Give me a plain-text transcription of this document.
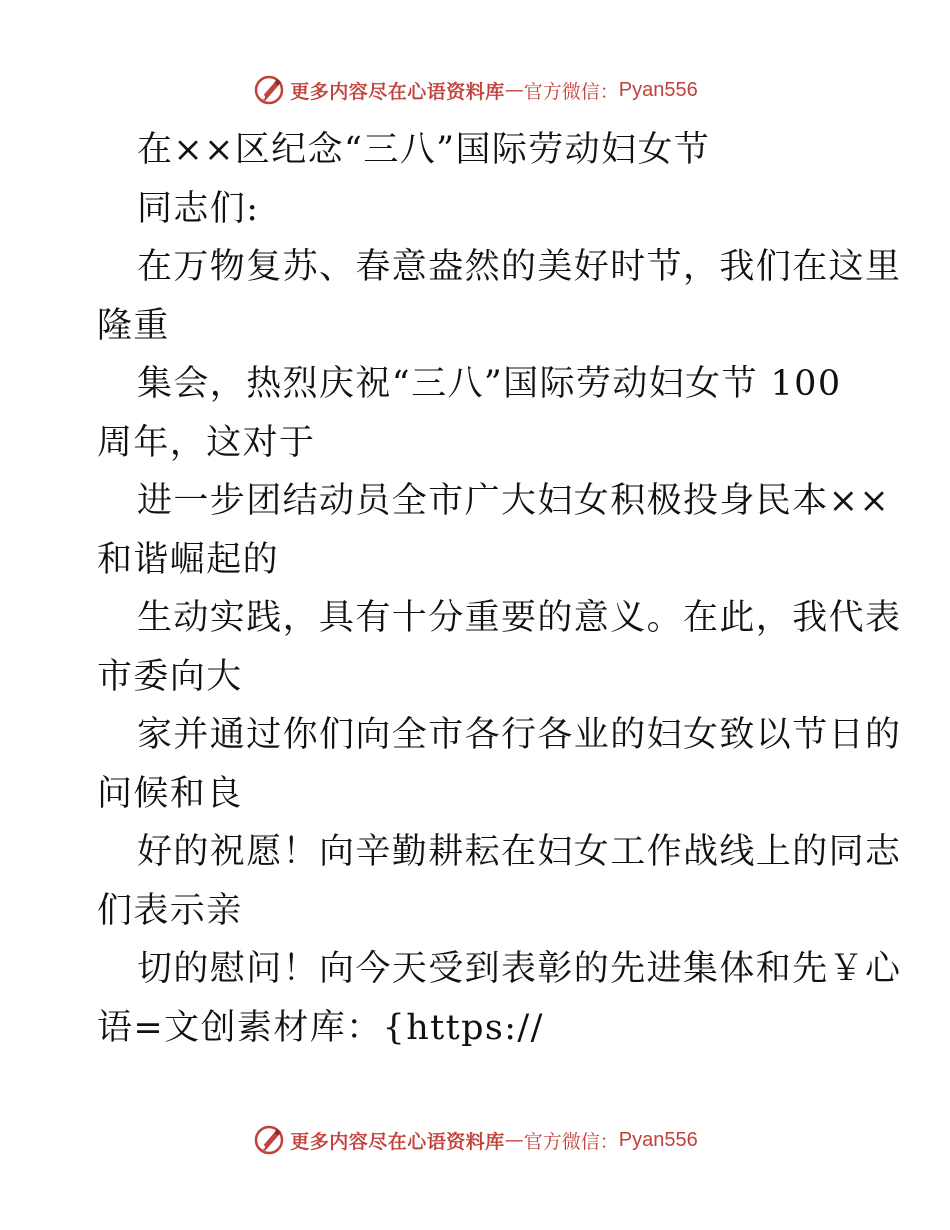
更多内容尽在心语资料库 — 官方微信： Pyan556
在××区纪念“三八”国际劳动妇女节
同志们:
在万物复苏、春意盎然的美好时节，我们在这里
隆重
集会，热烈庆祝“三八”国际劳动妇女节 100
周年，这对于
进一步团结动员全市广大妇女积极投身民本××
和谐崛起的
生动实践，具有十分重要的意义。在此，我代表
市委向大
家并通过你们向全市各行各业的妇女致以节日的
问候和良
好的祝愿！向辛勤耕耘在妇女工作战线上的同志
们表示亲
切的慰问！向今天受到表彰的先进集体和先￥心
语=文创素材库：{https://
更多内容尽在心语资料库 — 官方微信： Pyan556
